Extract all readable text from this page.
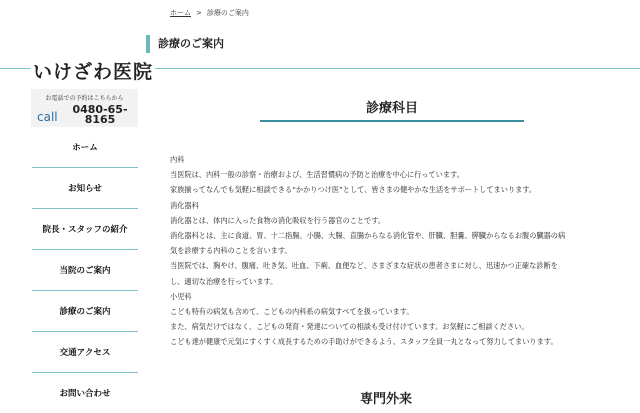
ホーム > 診療のご案内
診療のご案内
いけざわ医院
お電話での予約はこちらから
call
0480-65-
8165
ホーム
お知らせ
院長・スタッフの紹介
当院のご案内
診療のご案内
交通アクセス
お問い合わせ
診療科目

内科

当医院は、内科一般の診察・治療および、生活習慣病の予防と治療を中心に行っています。

家族揃ってなんでも気軽に相談できる“かかりつけ医”として、皆さまの健やかな生活をサポートしてまいります。

消化器科

消化器とは、体内に入った食物の消化吸収を行う器官のことです。

消化器科とは、主に食道、胃、十二指腸、小腸、大腸、直腸からなる消化管や、肝臓、胆嚢、膵臓からなるお腹の臓器の病

気を診療する内科のことを言います。

当医院では、胸やけ、腹痛、吐き気、吐血、下痢、血便など、さまざまな症状の患者さまに対し、迅速かつ正確な診断を

し、適切な治療を行っています。

小児科

こども特有の病気も含めて、こどもの内科系の病気すべてを扱っています。

また、病気だけではなく、こどもの発育・発達についての相談も受け付けています。お気軽にご相談ください。

こども達が健康で元気にすくすく成長するための手助けができるよう、スタッフ全員一丸となって努力してまいります。

専門外来
